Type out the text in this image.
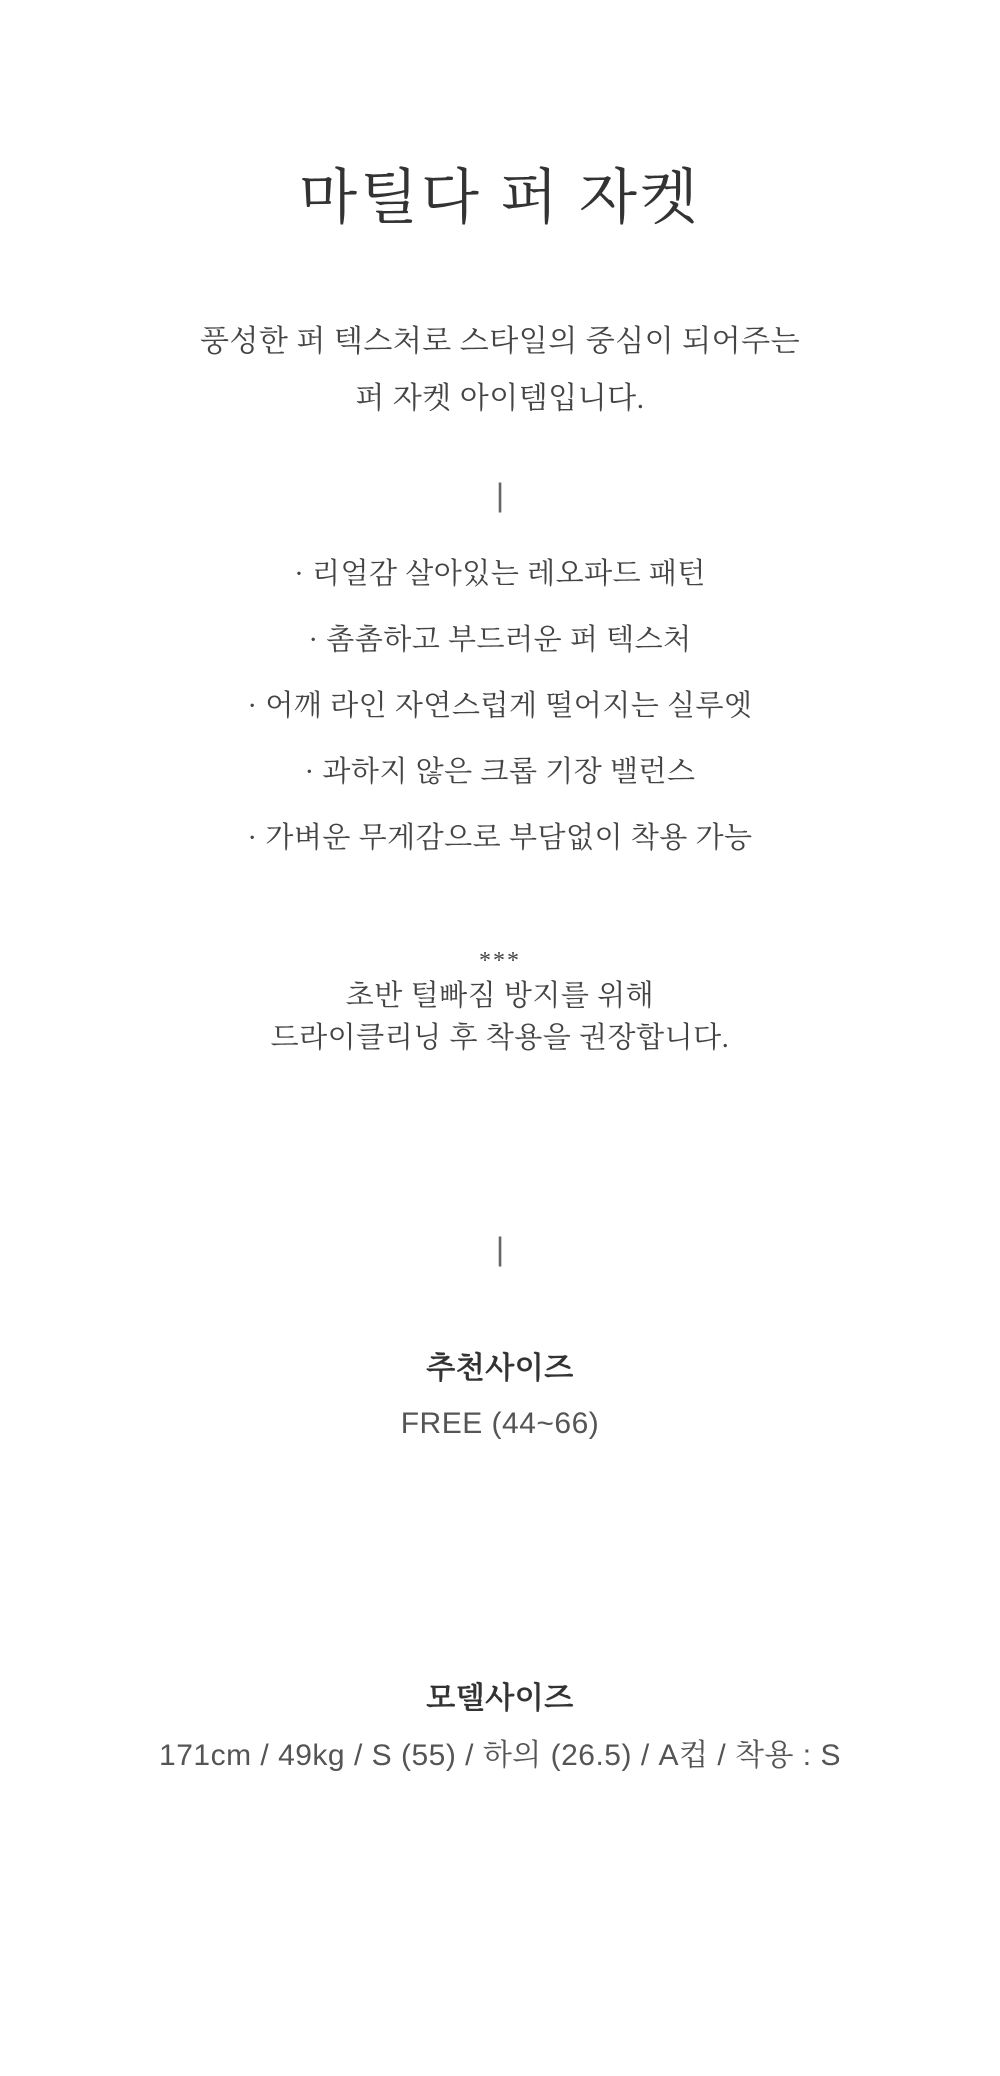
마틸다 퍼 자켓
풍성한 퍼 텍스처로 스타일의 중심이 되어주는
퍼 자켓 아이템입니다.
|
· 리얼감 살아있는 레오파드 패턴
· 촘촘하고 부드러운 퍼 텍스처
· 어깨 라인 자연스럽게 떨어지는 실루엣
· 과하지 않은 크롭 기장 밸런스
· 가벼운 무게감으로 부담없이 착용 가능
***
초반 털빠짐 방지를 위해
드라이클리닝 후 착용을 권장합니다.
|
추천사이즈

FREE (44~66)

모델사이즈

171cm / 49kg / S (55) / 하의 (26.5) / A컵 / 착용 : S
